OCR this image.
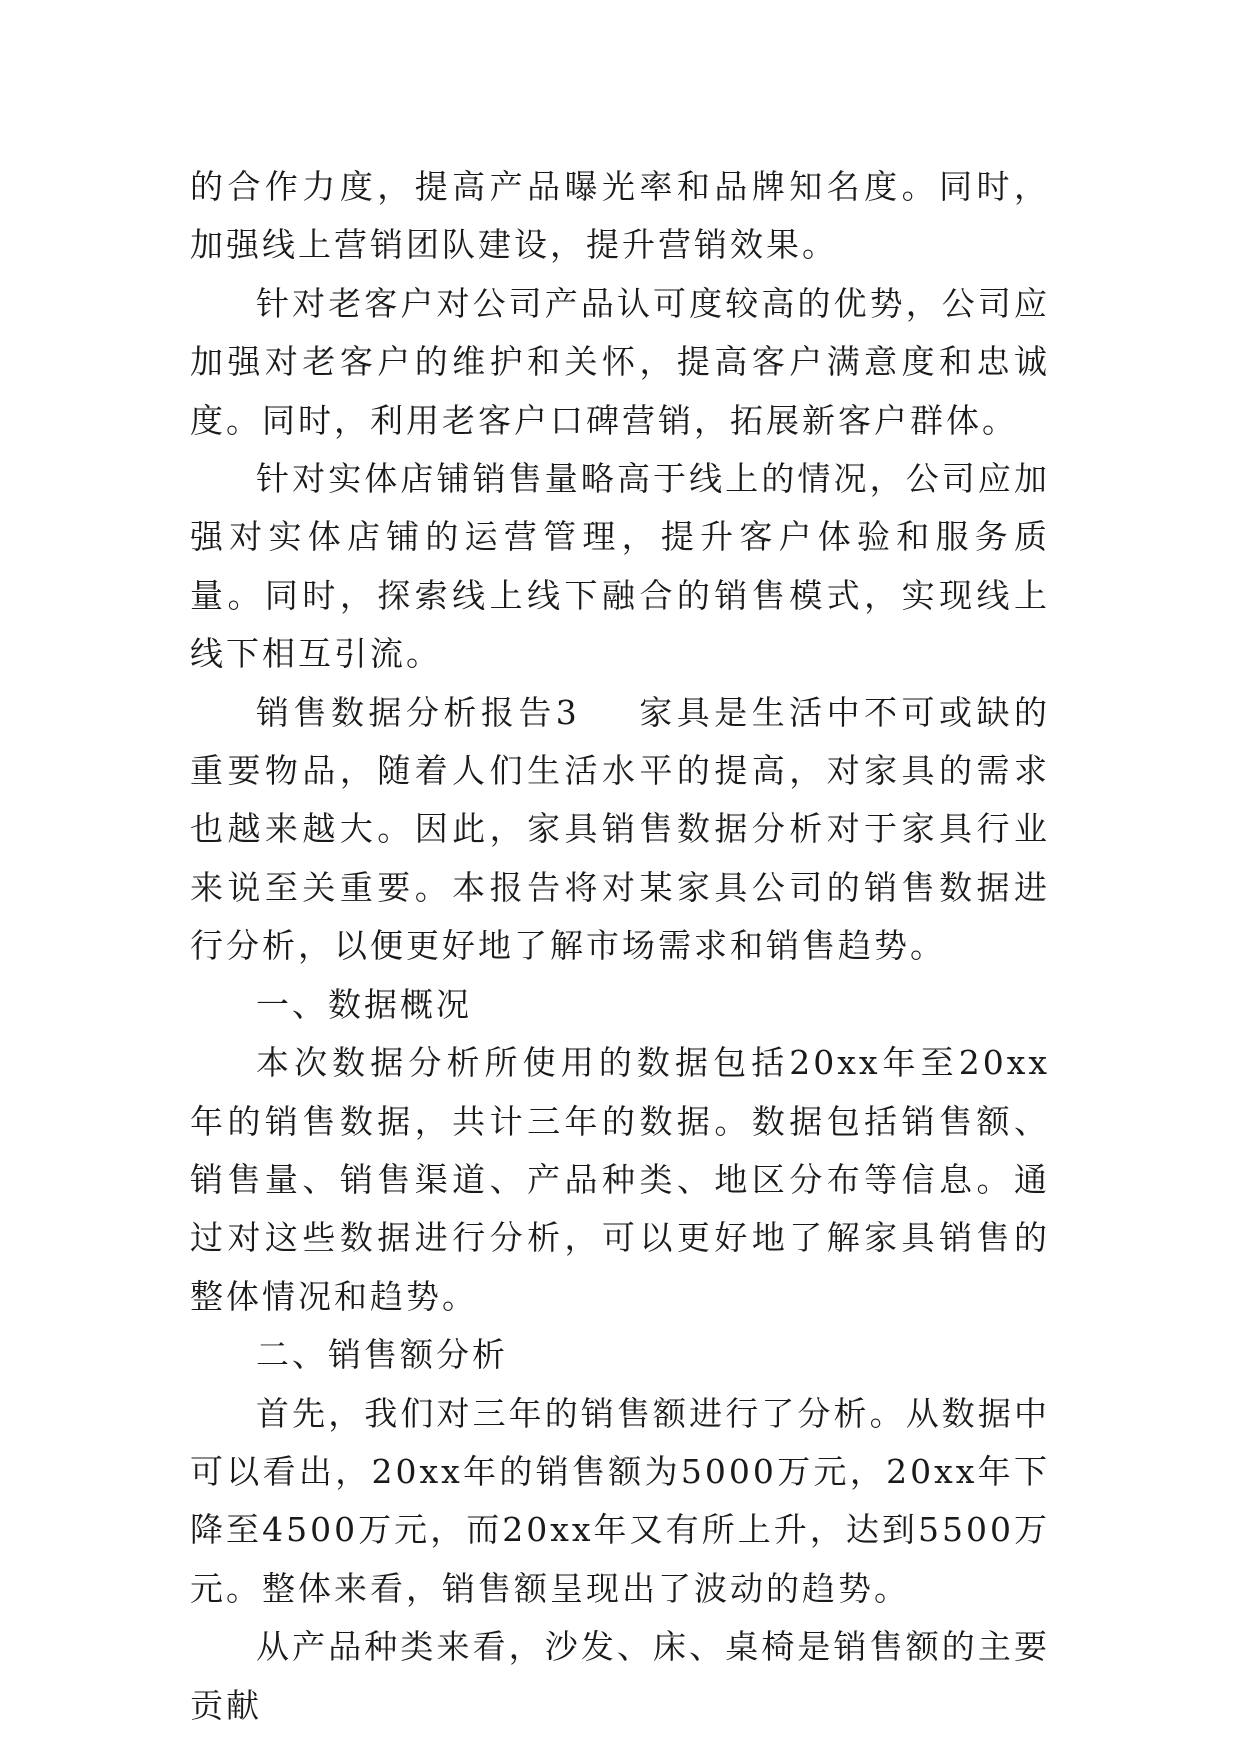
的合作力度，提高产品曝光率和品牌知名度。同时，加强线上营销团队建设，提升营销效果。

针对老客户对公司产品认可度较高的优势，公司应加强对老客户的维护和关怀，提高客户满意度和忠诚度。同时，利用老客户口碑营销，拓展新客户群体。

针对实体店铺销售量略高于线上的情况，公司应加强对实体店铺的运营管理，提升客户体验和服务质量。同时，探索线上线下融合的销售模式，实现线上线下相互引流。

销售数据分析报告3 家具是生活中不可或缺的重要物品，随着人们生活水平的提高，对家具的需求也越来越大。因此，家具销售数据分析对于家具行业来说至关重要。本报告将对某家具公司的销售数据进行分析，以便更好地了解市场需求和销售趋势。

一、数据概况

本次数据分析所使用的数据包括20xx年至20xx年的销售数据，共计三年的数据。数据包括销售额、销售量、销售渠道、产品种类、地区分布等信息。通过对这些数据进行分析，可以更好地了解家具销售的整体情况和趋势。

二、销售额分析

首先，我们对三年的销售额进行了分析。从数据中可以看出，20xx年的销售额为5000万元，20xx年下降至4500万元，而20xx年又有所上升，达到5500万元。整体来看，销售额呈现出了波动的趋势。

从产品种类来看，沙发、床、桌椅是销售额的主要贡献
